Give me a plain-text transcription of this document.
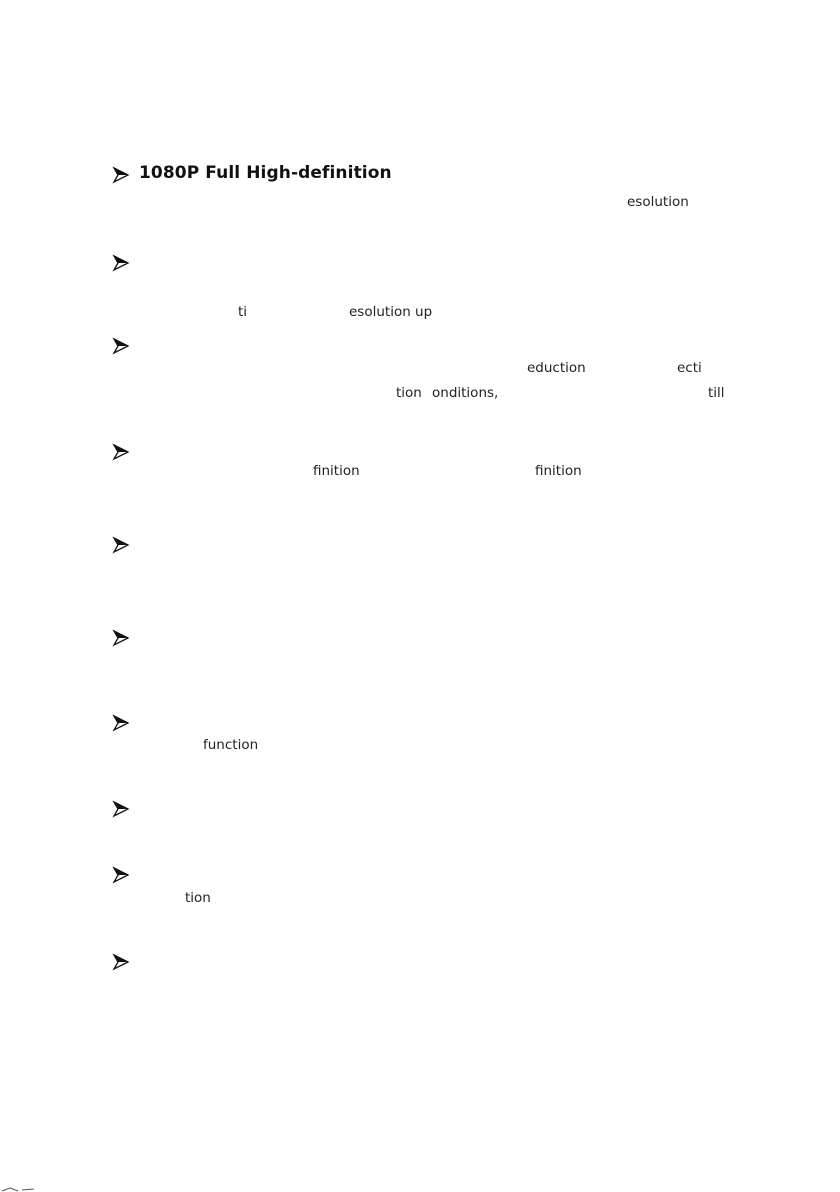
1080P Full High-definition
esolution
ti	esolution up
eduction	ecti
tion onditions,	till
finition	finition
function
tion
